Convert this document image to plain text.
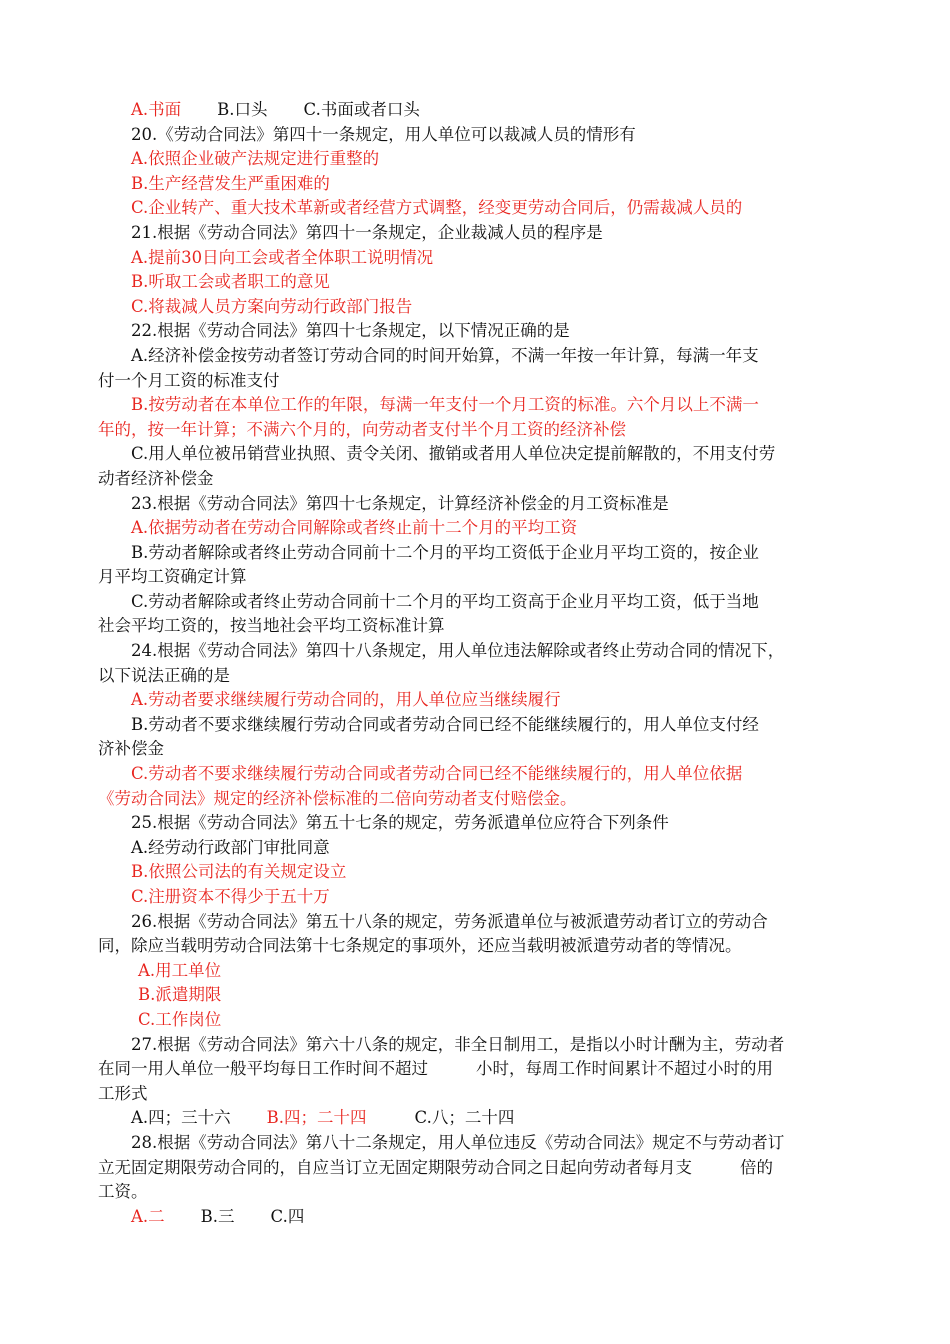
A.书面 B.口头 C.书面或者口头
20.《劳动合同法》第四十一条规定，用人单位可以裁减人员的情形有
A.依照企业破产法规定进行重整的
B.生产经营发生严重困难的
C.企业转产、重大技术革新或者经营方式调整，经变更劳动合同后，仍需裁减人员的
21.根据《劳动合同法》第四十一条规定，企业裁减人员的程序是
A.提前30日向工会或者全体职工说明情况
B.听取工会或者职工的意见
C.将裁减人员方案向劳动行政部门报告
22.根据《劳动合同法》第四十七条规定，以下情况正确的是
A.经济补偿金按劳动者签订劳动合同的时间开始算，不满一年按一年计算，每满一年支
付一个月工资的标准支付
B.按劳动者在本单位工作的年限，每满一年支付一个月工资的标准。六个月以上不满一
年的，按一年计算；不满六个月的，向劳动者支付半个月工资的经济补偿
C.用人单位被吊销营业执照、责令关闭、撤销或者用人单位决定提前解散的，不用支付劳
动者经济补偿金
23.根据《劳动合同法》第四十七条规定，计算经济补偿金的月工资标准是
A.依据劳动者在劳动合同解除或者终止前十二个月的平均工资
B.劳动者解除或者终止劳动合同前十二个月的平均工资低于企业月平均工资的，按企业
月平均工资确定计算
C.劳动者解除或者终止劳动合同前十二个月的平均工资高于企业月平均工资，低于当地
社会平均工资的，按当地社会平均工资标准计算
24.根据《劳动合同法》第四十八条规定，用人单位违法解除或者终止劳动合同的情况下，
以下说法正确的是
A.劳动者要求继续履行劳动合同的，用人单位应当继续履行
B.劳动者不要求继续履行劳动合同或者劳动合同已经不能继续履行的，用人单位支付经
济补偿金
C.劳动者不要求继续履行劳动合同或者劳动合同已经不能继续履行的，用人单位依据
《劳动合同法》规定的经济补偿标准的二倍向劳动者支付赔偿金。
25.根据《劳动合同法》第五十七条的规定，劳务派遣单位应符合下列条件
A.经劳动行政部门审批同意
B.依照公司法的有关规定设立
C.注册资本不得少于五十万
26.根据《劳动合同法》第五十八条的规定，劳务派遣单位与被派遣劳动者订立的劳动合
同，除应当载明劳动合同法第十七条规定的事项外，还应当载明被派遣劳动者的等情况。
A.用工单位
B.派遣期限
C.工作岗位
27.根据《劳动合同法》第六十八条的规定，非全日制用工，是指以小时计酬为主，劳动者
在同一用人单位一般平均每日工作时间不超过	小时，每周工作时间累计不超过小时的用
工形式
A.四；三十六 B.四；二十四	C.八；二十四
28.根据《劳动合同法》第八十二条规定，用人单位违反《劳动合同法》规定不与劳动者订
立无固定期限劳动合同的，自应当订立无固定期限劳动合同之日起向劳动者每月支	倍的
工资。
A.二 B.三 C.四
